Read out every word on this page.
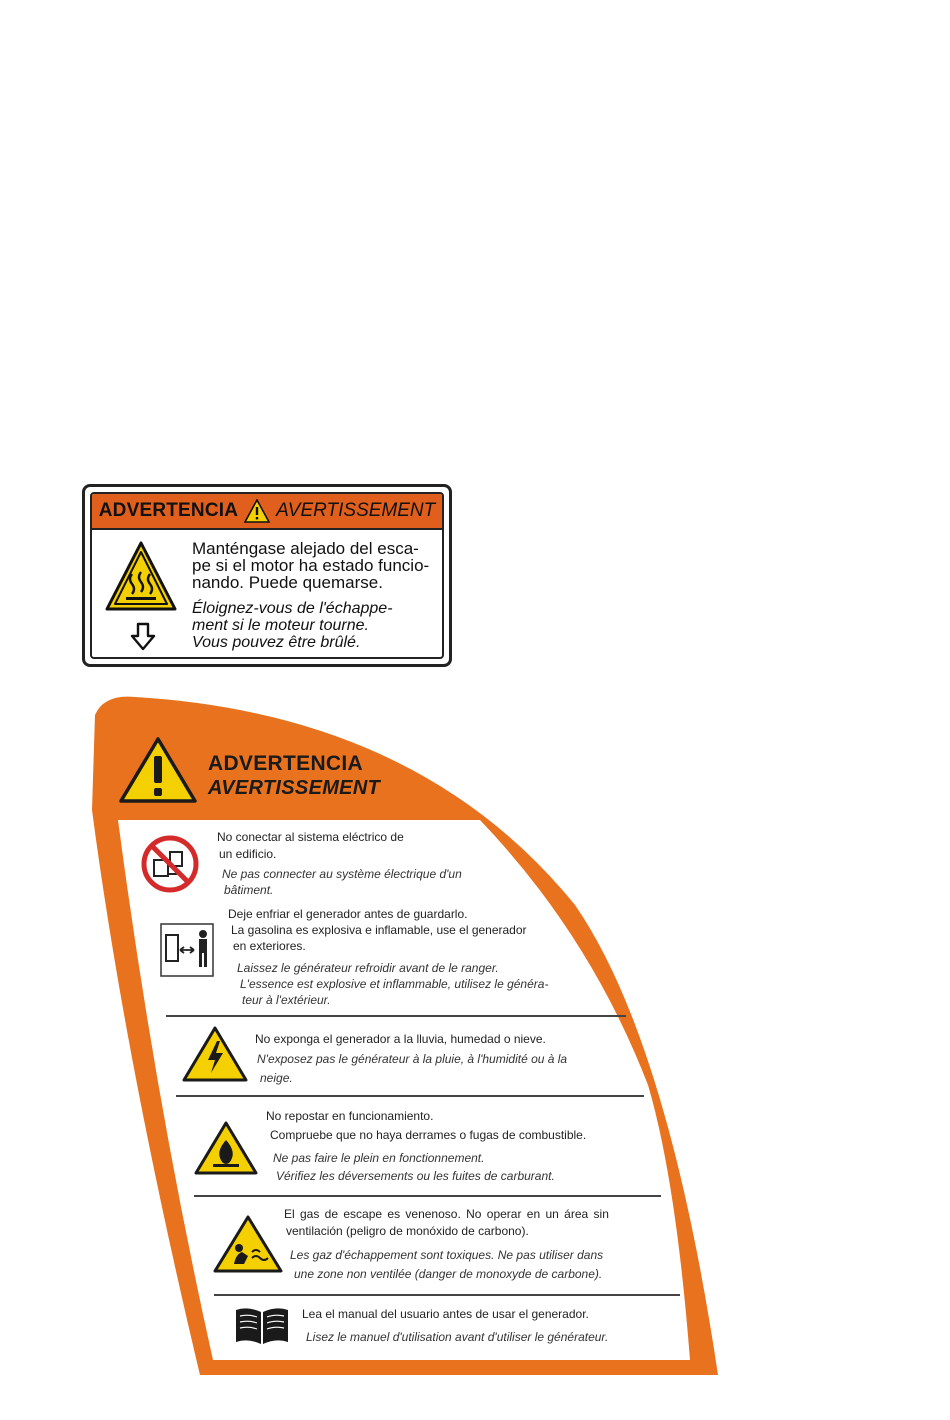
ADVERTENCIA AVERTISSEMENT
Manténgase alejado del esca-
pe si el motor ha estado funcio-
nando. Puede quemarse.
Éloignez-vous de l'échappe-
ment si le moteur tourne.
Vous pouvez être brûlé.
ADVERTENCIA
AVERTISSEMENT
No conectar al sistema eléctrico de
un edificio.
Ne pas connecter au système électrique d'un
bâtiment.
Deje enfriar el generador antes de guardarlo.
La gasolina es explosiva e inflamable, use el generador
en exteriores.
Laissez le générateur refroidir avant de le ranger.
L'essence est explosive et inflammable, utilisez le généra-
teur à l'extérieur.
No exponga el generador a la lluvia, humedad o nieve.
N'exposez pas le générateur à la pluie, à l'humidité ou à la
neige.
No repostar en funcionamiento.
Compruebe que no haya derrames o fugas de combustible.
Ne pas faire le plein en fonctionnement.
Vérifiez les déversements ou les fuites de carburant.
El gas de escape es venenoso. No operar en un área sin
ventilación (peligro de monóxido de carbono).
Les gaz d'échappement sont toxiques. Ne pas utiliser dans
une zone non ventilée (danger de monoxyde de carbone).
Lea el manual del usuario antes de usar el generador.
Lisez le manuel d'utilisation avant d'utiliser le générateur.
